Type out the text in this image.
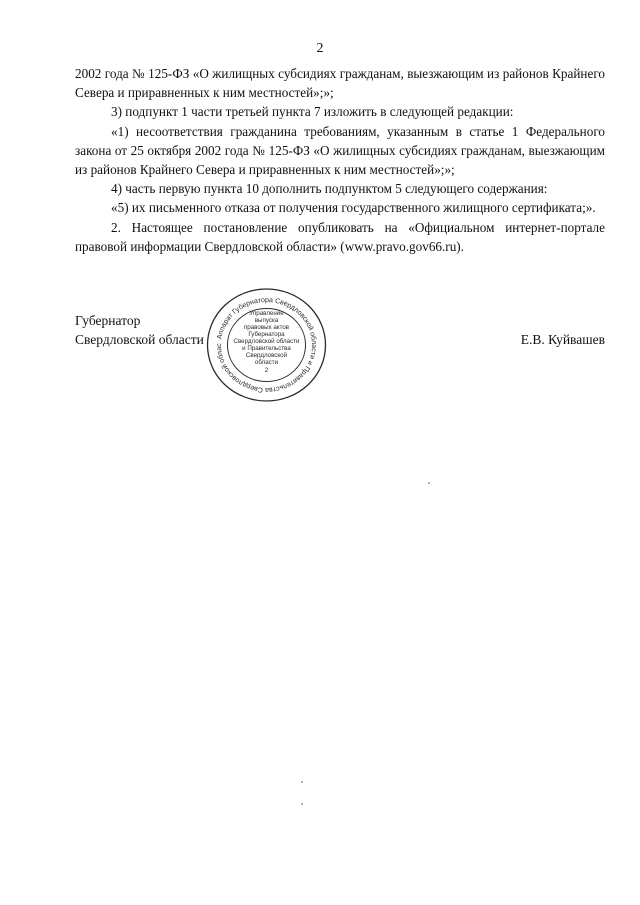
2

2002 года № 125-ФЗ «О жилищных субсидиях гражданам, выезжающим из районов Крайнего Севера и приравненных к ним местностей»;»;

3) подпункт 1 части третьей пункта 7 изложить в следующей редакции:

«1) несоответствия гражданина требованиям, указанным в статье 1 Федерального закона от 25 октября 2002 года № 125-ФЗ «О жилищных субсидиях гражданам, выезжающим из районов Крайнего Севера и приравненных к ним местностей»;»;

4) часть первую пункта 10 дополнить подпунктом 5 следующего содержания:

«5) их письменного отказа от получения государственного жилищного сертификата;».

2. Настоящее постановление опубликовать на «Официальном интернет-портале правовой информации Свердловской области» (www.pravo.gov66.ru).

Губернатор
Свердловской области	Е.В. Куйвашев
Аппарат Губернатора Свердловской области и Правительства Свердловской облас
Управление
выпуска
правовых актов
Губернатора
Свердловской области
и Правительства
Свердловской
области
2
